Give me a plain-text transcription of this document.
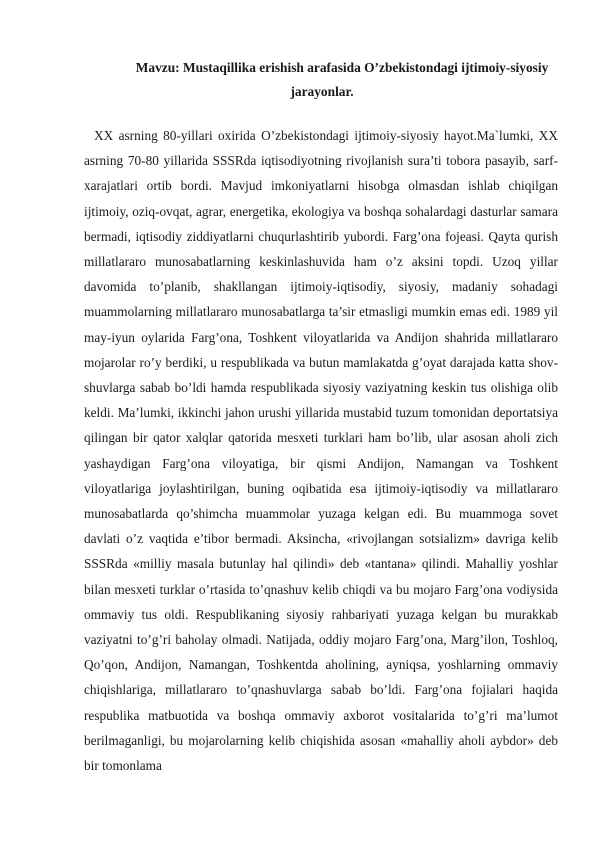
Mavzu: Mustaqillika erishish arafasida O’zbekistondagi ijtimoiy-siyosiy jarayonlar.

XX asrning 80-yillari oxirida O’zbekistondagi ijtimoiy-siyosiy hayot.Ma`lumki, XX asrning 70-80 yillarida SSSRda iqtisodiyotning rivojlanish sura’ti tobora pasayib, sarf-xarajatlari ortib bordi. Mavjud imkoniyatlarni hisobga olmasdan ishlab chiqilgan ijtimoiy, oziq-ovqat, agrar, energetika, ekologiya va boshqa sohalardagi dasturlar samara bermadi, iqtisodiy ziddiyatlarni chuqurlashtirib yubordi. Farg’ona fojeasi. Qayta qurish millatlararo munosabatlarning keskinlashuvida ham o’z aksini topdi. Uzoq yillar davomida to’planib, shakllangan ijtimoiy-iqtisodiy, siyosiy, madaniy sohadagi muammolarning millatlararo munosabatlarga ta’sir etmasligi mumkin emas edi. 1989 yil may-iyun oylarida Farg’ona, Toshkent viloyatlarida va Andijon shahrida millatlararo mojarolar ro’y berdiki, u respublikada va butun mamlakatda g’oyat darajada katta shov-shuvlarga sabab bo’ldi hamda respublikada siyosiy vaziyatning keskin tus olishiga olib keldi. Ma’lumki, ikkinchi jahon urushi yillarida mustabid tuzum tomonidan deportatsiya qilingan bir qator xalqlar qatorida mesxeti turklari ham bo’lib, ular asosan aholi zich yashaydigan Farg’ona viloyatiga, bir qismi Andijon, Namangan va Toshkent viloyatlariga joylashtirilgan, buning oqibatida esa ijtimoiy-iqtisodiy va millatlararo munosabatlarda qo’shimcha muammolar yuzaga kelgan edi. Bu muammoga sovet davlati o’z vaqtida e’tibor bermadi. Aksincha, «rivojlangan sotsializm» davriga kelib SSSRda «milliy masala butunlay hal qilindi» deb «tantana» qilindi. Mahalliy yoshlar bilan mesxeti turklar o’rtasida to’qnashuv kelib chiqdi va bu mojaro Farg’ona vodiysida ommaviy tus oldi. Respublikaning siyosiy rahbariyati yuzaga kelgan bu murakkab vaziyatni to’g’ri baholay olmadi. Natijada, oddiy mojaro Farg’ona, Marg’ilon, Toshloq, Qo’qon, Andijon, Namangan, Toshkentda aholining, ayniqsa, yoshlarning ommaviy chiqishlariga, millatlararo to’qnashuvlarga sabab bo’ldi. Farg’ona fojialari haqida respublika matbuotida va boshqa ommaviy axborot vositalarida to’g’ri ma’lumot berilmaganligi, bu mojarolarning kelib chiqishida asosan «mahalliy aholi aybdor» deb bir tomonlama
